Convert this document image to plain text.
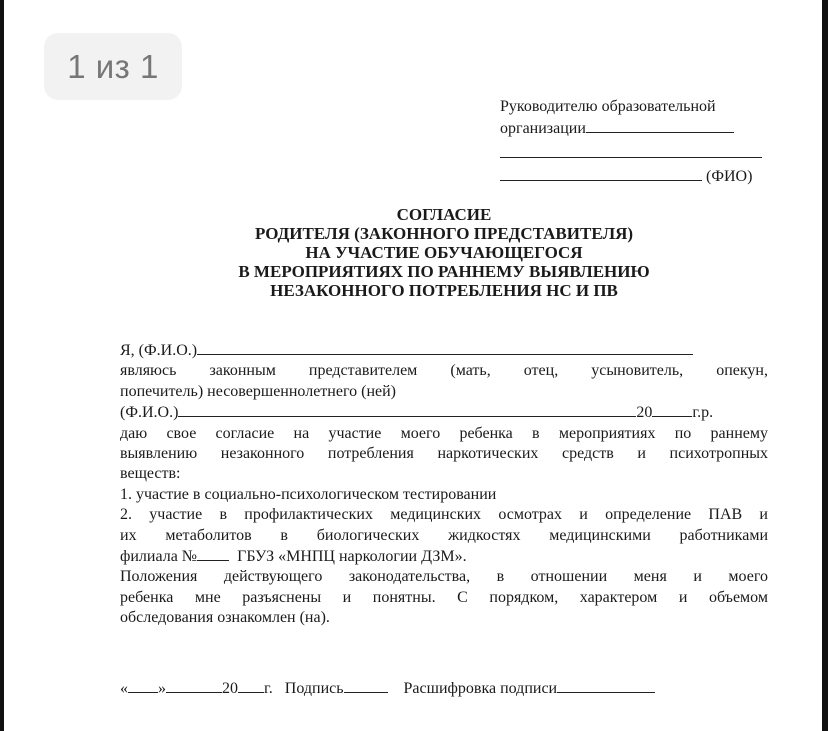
1 из 1
Руководителю образовательной
организации
(ФИО)
СОГЛАСИЕ
РОДИТЕЛЯ (ЗАКОННОГО ПРЕДСТАВИТЕЛЯ)
НА УЧАСТИЕ ОБУЧАЮЩЕГОСЯ
В МЕРОПРИЯТИЯХ ПО РАННЕМУ ВЫЯВЛЕНИЮ
НЕЗАКОННОГО ПОТРЕБЛЕНИЯ НС И ПВ
Я, (Ф.И.О.)
являюсь законным представителем (мать, отец, усыновитель, опекун,
попечитель) несовершеннолетнего (ней)
(Ф.И.О.)	20	г.р.
даю свое согласие на участие моего ребенка в мероприятиях по раннему
выявлению незаконного потребления наркотических средств и психотропных
веществ:
1. участие в социально-психологическом тестировании
2. участие в профилактических медицинских осмотрах и определение ПАВ и
их метаболитов в биологических жидкостях медицинскими работниками
филиала №	ГБУЗ «МНПЦ наркологии ДЗМ».
Положения действующего законодательства, в отношении меня и моего
ребенка мне разъяснены и понятны. С порядком, характером и объемом
обследования ознакомлен (на).
« »	20 г. Подпись	Расшифровка подписи
